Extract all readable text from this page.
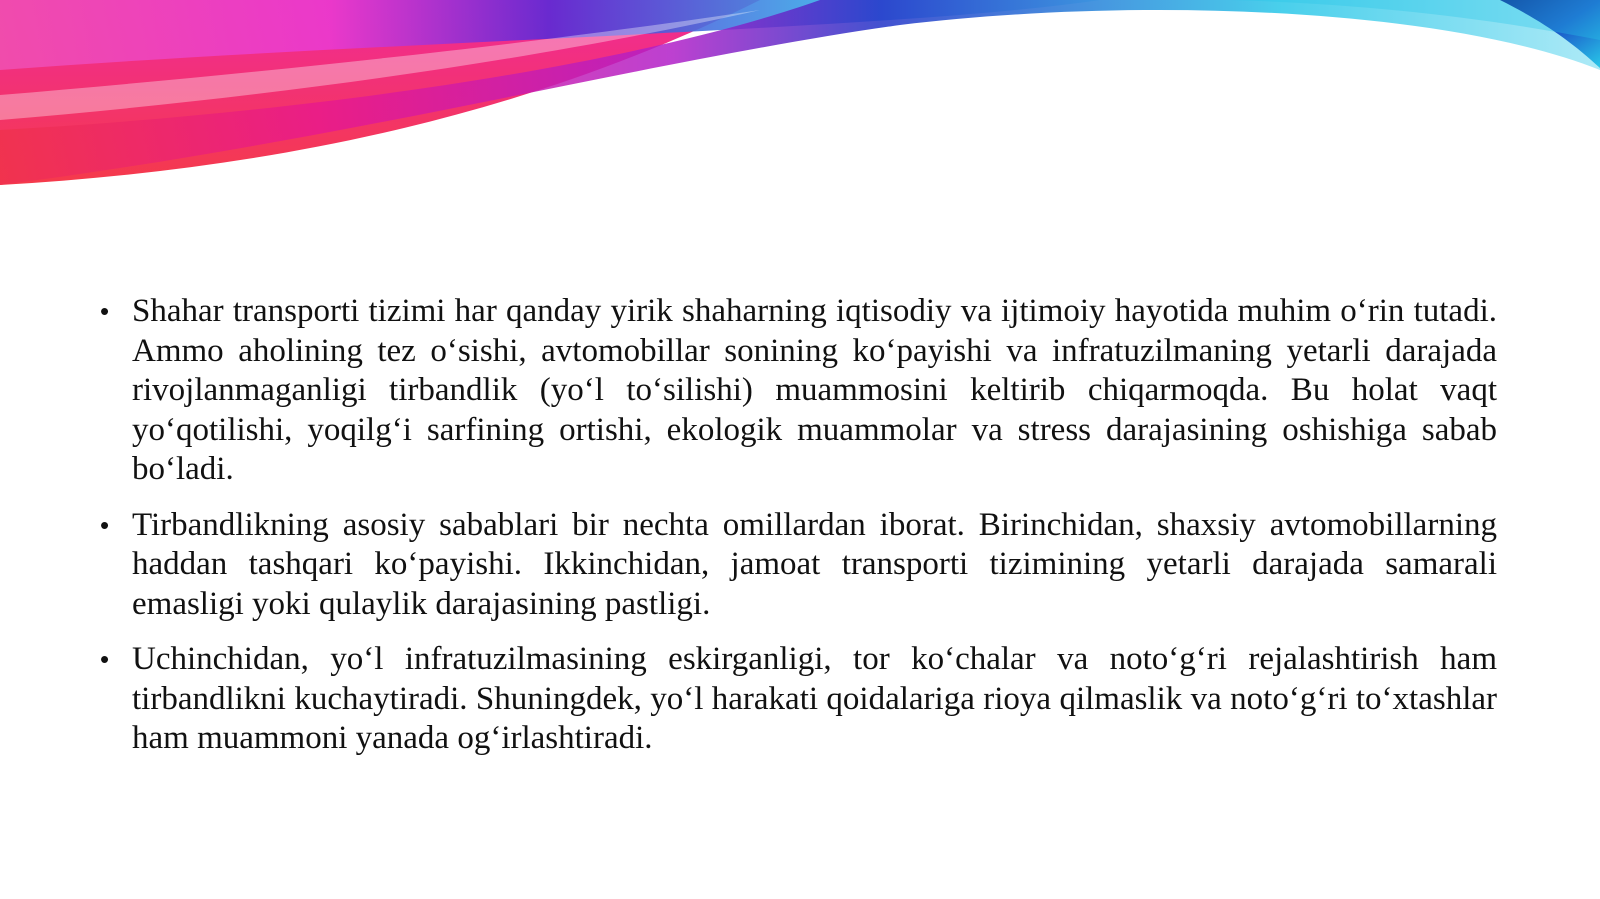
• Shahar transporti tizimi har qanday yirik shaharning iqtisodiy va ijtimoiy hayotida muhim o‘rin tutadi. Ammo aholining tez o‘sishi, avtomobillar sonining ko‘payishi va infratuzilmaning yetarli darajada rivojlanmaganligi tirbandlik (yo‘l to‘silishi) muammosini keltirib chiqarmoqda. Bu holat vaqt yo‘qotilishi, yoqilg‘i sarfining ortishi, ekologik muammolar va stress darajasining oshishiga sabab bo‘ladi.
• Tirbandlikning asosiy sabablari bir nechta omillardan iborat. Birinchidan, shaxsiy avtomobillarning haddan tashqari ko‘payishi. Ikkinchidan, jamoat transporti tizimining yetarli darajada samarali emasligi yoki qulaylik darajasining pastligi.
• Uchinchidan, yo‘l infratuzilmasining eskirganligi, tor ko‘chalar va noto‘g‘ri rejalashtirish ham tirbandlikni kuchaytiradi. Shuningdek, yo‘l harakati qoidalariga rioya qilmaslik va noto‘g‘ri to‘xtashlar ham muammoni yanada og‘irlashtiradi.
